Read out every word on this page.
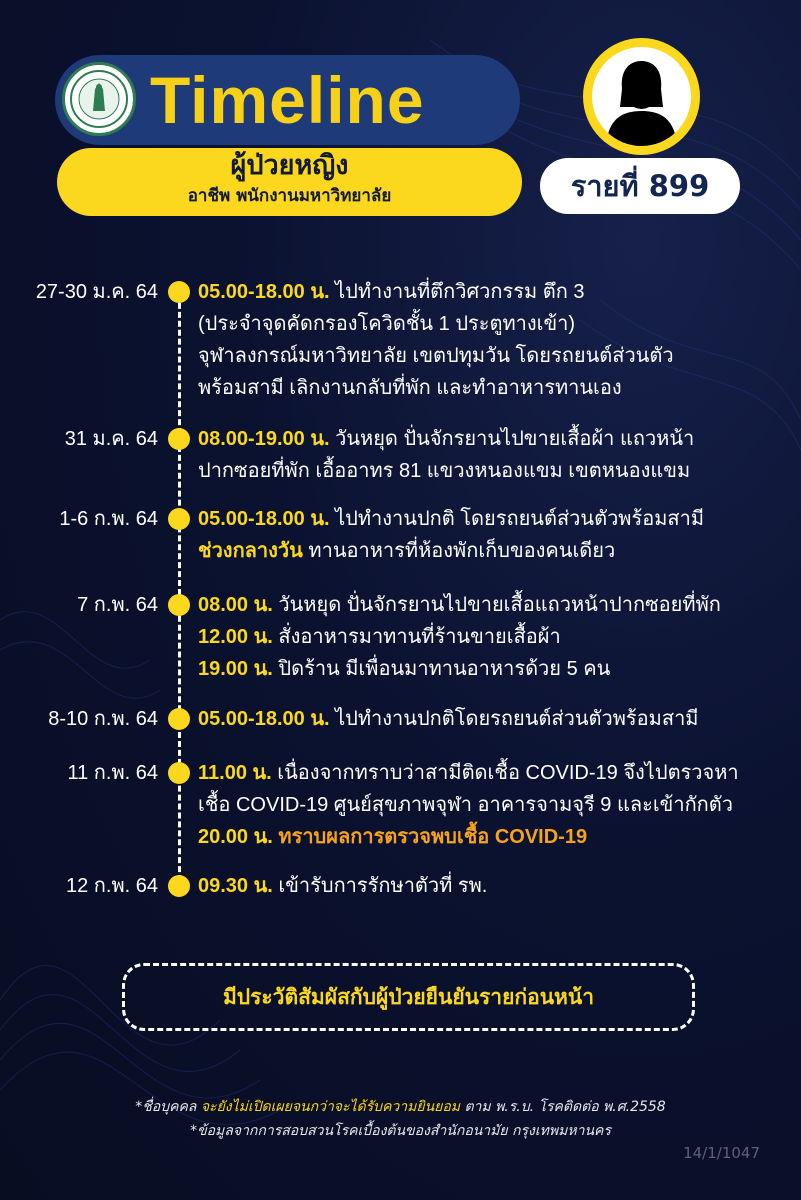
Timeline
ผู้ป่วยหญิง
อาชีพ พนักงานมหาวิทยาลัย	รายที่ 899
27-30 ม.ค. 64 05.00-18.00 น. ไปทำงานที่ตึกวิศวกรรม ตึก 3
(ประจำจุดคัดกรองโควิดชั้น 1 ประตูทางเข้า)
จุฬาลงกรณ์มหาวิทยาลัย เขตปทุมวัน โดยรถยนต์ส่วนตัว
พร้อมสามี เลิกงานกลับที่พัก และทำอาหารทานเอง
31 ม.ค. 64 08.00-19.00 น. วันหยุด ปั่นจักรยานไปขายเสื้อผ้า แถวหน้า
ปากซอยที่พัก เอื้ออาทร 81 แขวงหนองแขม เขตหนองแขม
1-6 ก.พ. 64 05.00-18.00 น. ไปทำงานปกติ โดยรถยนต์ส่วนตัวพร้อมสามี
ช่วงกลางวัน ทานอาหารที่ห้องพักเก็บของคนเดียว
7 ก.พ. 64 08.00 น. วันหยุด ปั่นจักรยานไปขายเสื้อแถวหน้าปากซอยที่พัก
12.00 น. สั่งอาหารมาทานที่ร้านขายเสื้อผ้า
19.00 น. ปิดร้าน มีเพื่อนมาทานอาหารด้วย 5 คน
8-10 ก.พ. 64 05.00-18.00 น. ไปทำงานปกติโดยรถยนต์ส่วนตัวพร้อมสามี
11 ก.พ. 64 11.00 น. เนื่องจากทราบว่าสามีติดเชื้อ COVID-19 จึงไปตรวจหา
เชื้อ COVID-19 ศูนย์สุขภาพจุฬา อาคารจามจุรี 9 และเข้ากักตัว
20.00 น. ทราบผลการตรวจพบเชื้อ COVID-19
12 ก.พ. 64 09.30 น. เข้ารับการรักษาตัวที่ รพ.
มีประวัติสัมผัสกับผู้ป่วยยืนยันรายก่อนหน้า
*ชื่อบุคคล จะยังไม่เปิดเผยจนกว่าจะได้รับความยินยอม ตาม พ.ร.บ. โรคติดต่อ พ.ศ.2558
*ข้อมูลจากการสอบสวนโรคเบื้องต้นของสำนักอนามัย กรุงเทพมหานคร
14/1/1047
